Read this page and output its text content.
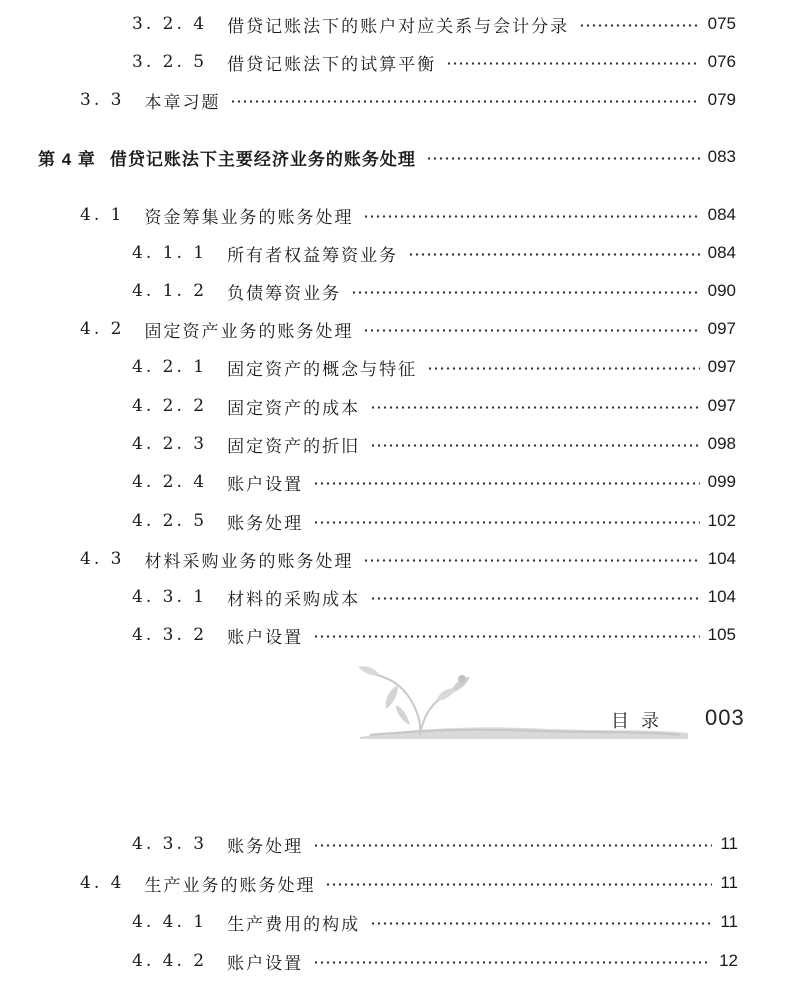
3. 2. 4 借贷记账法下的账户对应关系与会计分录	075
3. 2. 5 借贷记账法下的试算平衡	076
3. 3 本章习题	079
第 4 章 借贷记账法下主要经济业务的账务处理	083
4. 1 资金筹集业务的账务处理	084
4. 1. 1 所有者权益筹资业务	084
4. 1. 2 负债筹资业务	090
4. 2 固定资产业务的账务处理	097
4. 2. 1 固定资产的概念与特征	097
4. 2. 2 固定资产的成本	097
4. 2. 3 固定资产的折旧	098
4. 2. 4 账户设置	099
4. 2. 5 账务处理	102
4. 3 材料采购业务的账务处理	104
4. 3. 1 材料的采购成本	104
4. 3. 2 账户设置	105
目录 003
4. 3. 3 账务处理	11
4. 4 生产业务的账务处理	11
4. 4. 1 生产费用的构成	11
4. 4. 2 账户设置	12
